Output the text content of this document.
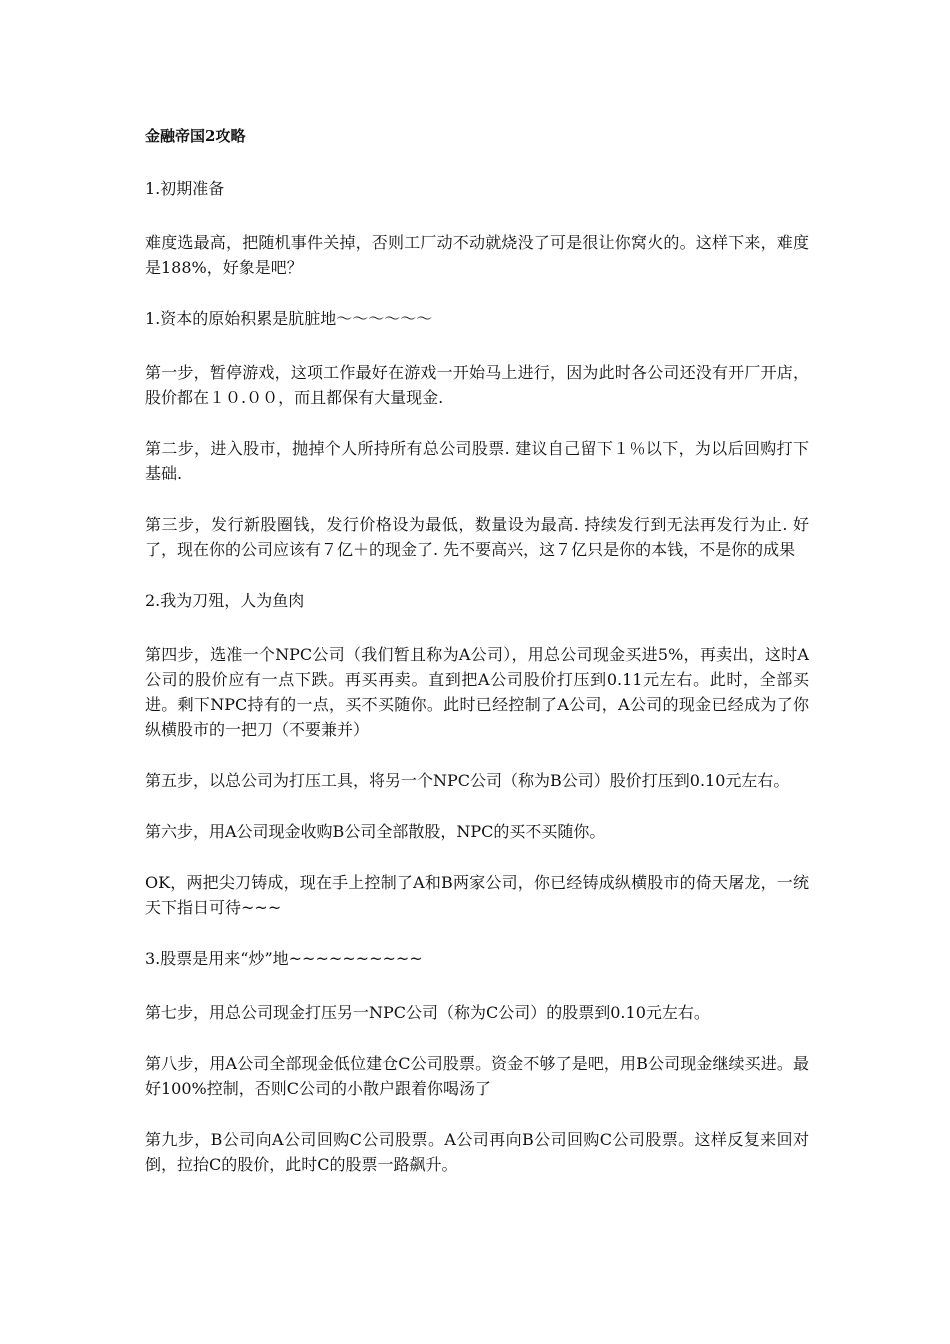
金融帝国2攻略

1.初期准备

难度选最高，把随机事件关掉，否则工厂动不动就烧没了可是很让你窝火的。这样下来，难度是188%，好象是吧？

1.资本的原始积累是肮脏地～～～～～～

第一步，暂停游戏，这项工作最好在游戏一开始马上进行，因为此时各公司还没有开厂开店，股价都在１０.００，而且都保有大量现金.

第二步，进入股市，抛掉个人所持所有总公司股票. 建议自己留下１％以下，为以后回购打下基础.

第三步，发行新股圈钱，发行价格设为最低，数量设为最高. 持续发行到无法再发行为止. 好了，现在你的公司应该有７亿＋的现金了. 先不要高兴，这７亿只是你的本钱，不是你的成果

2.我为刀殂，人为鱼肉

第四步，选准一个NPC公司（我们暂且称为A公司），用总公司现金买进5%，再卖出，这时A公司的股价应有一点下跌。再买再卖。直到把A公司股价打压到0.11元左右。此时，全部买进。剩下NPC持有的一点，买不买随你。此时已经控制了A公司，A公司的现金已经成为了你纵横股市的一把刀（不要兼并）

第五步，以总公司为打压工具，将另一个NPC公司（称为B公司）股价打压到0.10元左右。

第六步，用A公司现金收购B公司全部散股，NPC的买不买随你。

OK，两把尖刀铸成，现在手上控制了A和B两家公司，你已经铸成纵横股市的倚天屠龙，一统天下指日可待~~~

3.股票是用来“炒”地~~~~~~~~~~

第七步，用总公司现金打压另一NPC公司（称为C公司）的股票到0.10元左右。

第八步，用A公司全部现金低位建仓C公司股票。资金不够了是吧，用B公司现金继续买进。最好100%控制，否则C公司的小散户跟着你喝汤了

第九步，B公司向A公司回购C公司股票。A公司再向B公司回购C公司股票。这样反复来回对倒，拉抬C的股价，此时C的股票一路飙升。
